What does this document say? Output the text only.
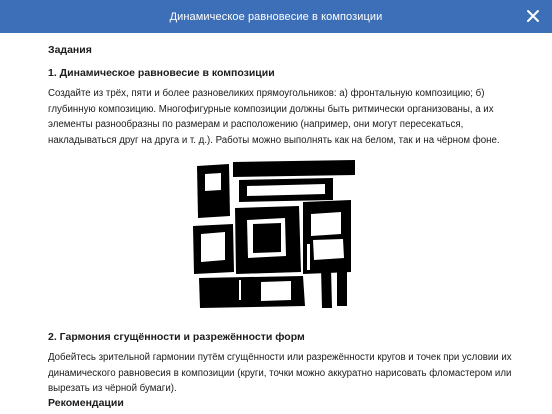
Динамическое равновесие в композиции

Задания

1. Динамическое равновесие в композиции

Создайте из трёх, пяти и более разновеликих прямоугольников: а) фронтальную композицию; б) глубинную композицию. Многофигурные композиции должны быть ритмически организованы, а их элементы разнообразны по размерам и расположению (например, они могут пересекаться, накладываться друг на друга и т. д.). Работы можно выполнять как на белом, так и на чёрном фоне.

2. Гармония сгущённости и разрежённости форм

Добейтесь зрительной гармонии путём сгущённости или разрежённости кругов и точек при условии их динамического равновесия в композиции (круги, точки можно аккуратно нарисовать фломастером или вырезать из чёрной бумаги).

Рекомендации
